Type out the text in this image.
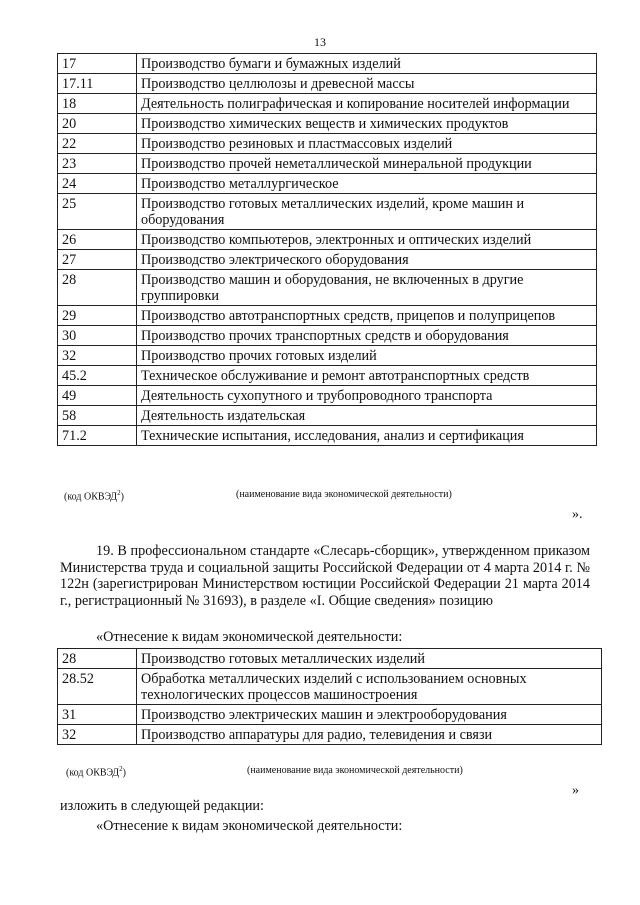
13
17	Производство бумаги и бумажных изделий
17.11	Производство целлюлозы и древесной массы
18	Деятельность полиграфическая и копирование носителей информации
20	Производство химических веществ и химических продуктов
22	Производство резиновых и пластмассовых изделий
23	Производство прочей неметаллической минеральной продукции
24	Производство металлургическое
25	Производство готовых металлических изделий, кроме машин и оборудования
26	Производство компьютеров, электронных и оптических изделий
27	Производство электрического оборудования
28	Производство машин и оборудования, не включенных в другие группировки
29	Производство автотранспортных средств, прицепов и полуприцепов
30	Производство прочих транспортных средств и оборудования
32	Производство прочих готовых изделий
45.2	Техническое обслуживание и ремонт автотранспортных средств
49	Деятельность сухопутного и трубопроводного транспорта
58	Деятельность издательская
71.2	Технические испытания, исследования, анализ и сертификация
(код ОКВЭД$^2$)	(наименование вида экономической деятельности)
».
19. В профессиональном стандарте «Слесарь-сборщик», утвержденном приказом Министерства труда и социальной защиты Российской Федерации от 4 марта 2014 г. № 122н (зарегистрирован Министерством юстиции Российской Федерации 21 марта 2014 г., регистрационный № 31693), в разделе «I. Общие сведения» позицию
«Отнесение к видам экономической деятельности:
28	Производство готовых металлических изделий
28.52	Обработка металлических изделий с использованием основных технологических процессов машиностроения
31	Производство электрических машин и электрооборудования
32	Производство аппаратуры для радио, телевидения и связи
(код ОКВЭД$^2$)	(наименование вида экономической деятельности)
»
изложить в следующей редакции:
«Отнесение к видам экономической деятельности:
